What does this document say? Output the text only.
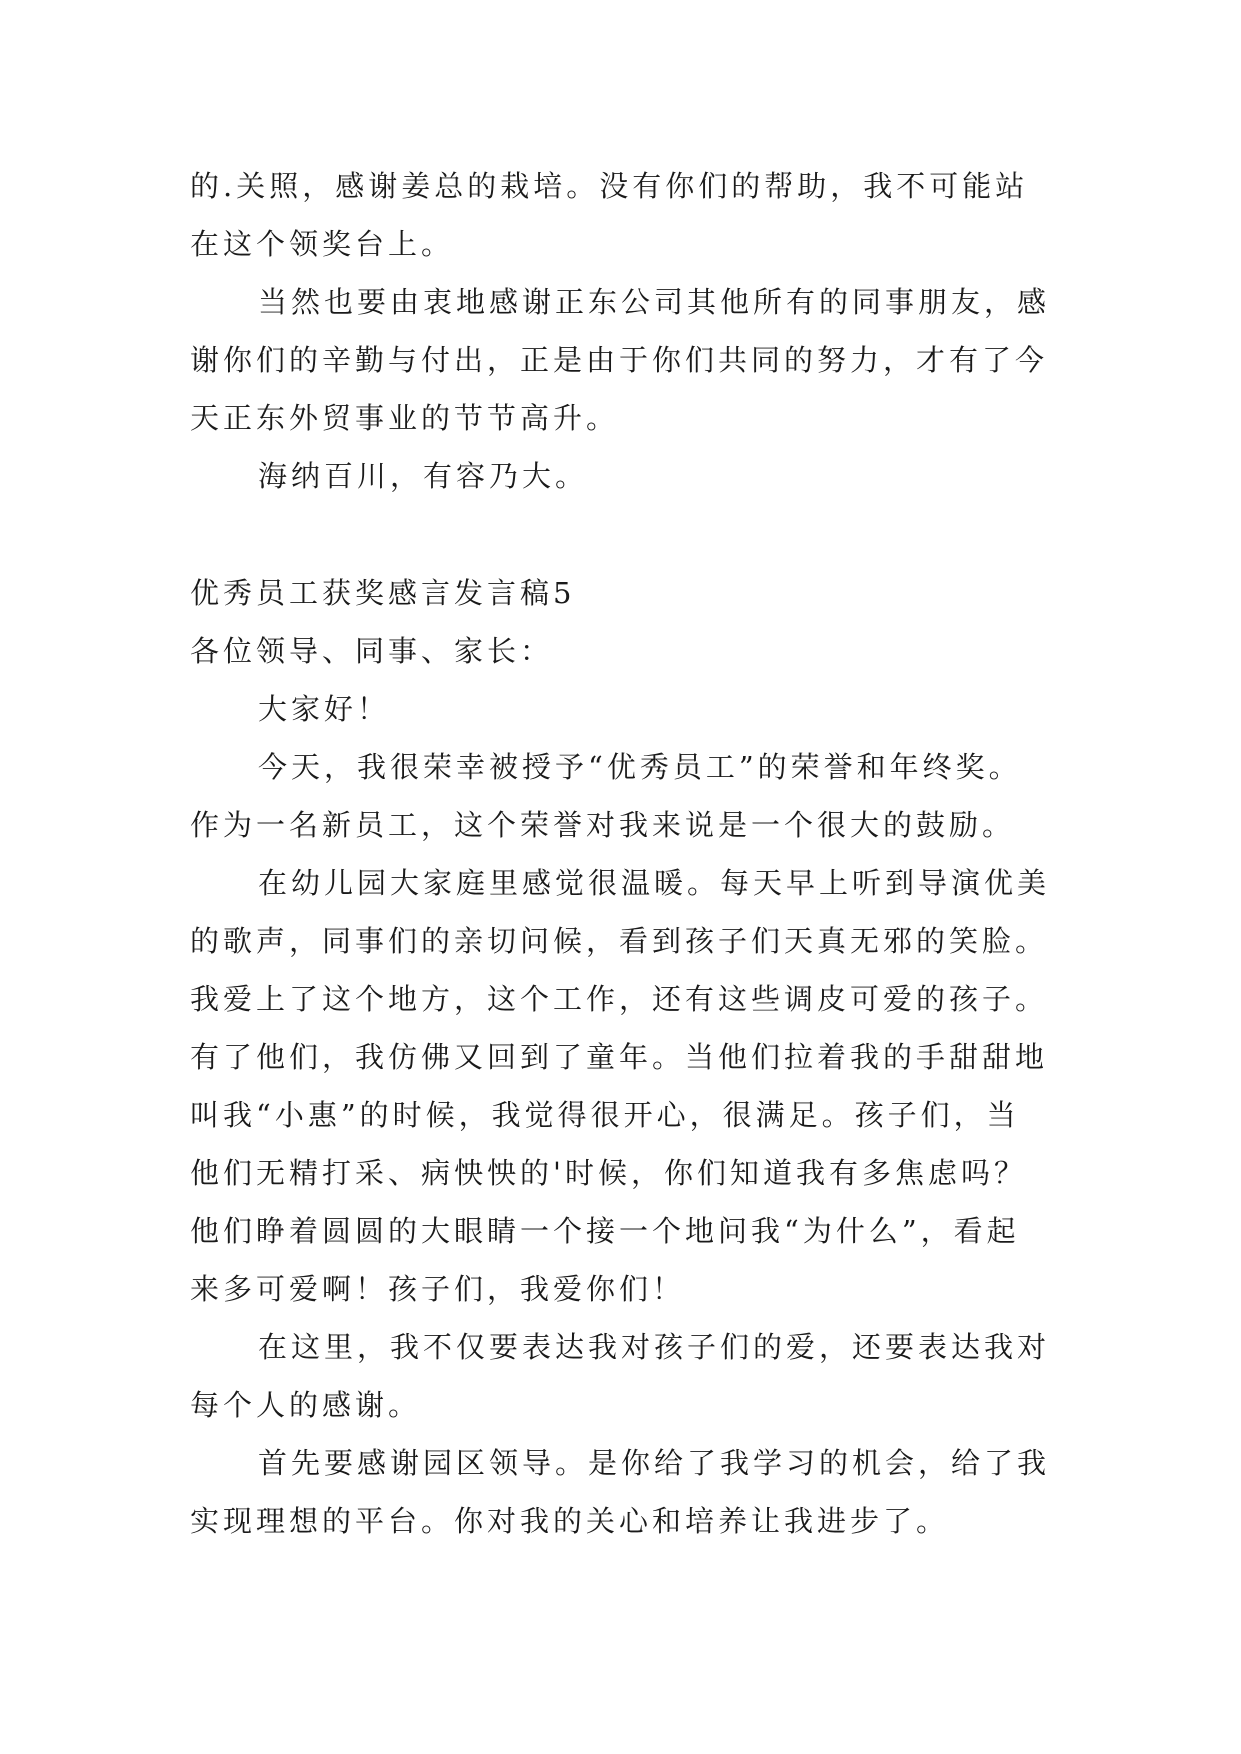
的.关照，感谢姜总的栽培。没有你们的帮助，我不可能站
在这个领奖台上。
当然也要由衷地感谢正东公司其他所有的同事朋友，感
谢你们的辛勤与付出，正是由于你们共同的努力，才有了今
天正东外贸事业的节节高升。
海纳百川，有容乃大。
优秀员工获奖感言发言稿5
各位领导、同事、家长：
大家好！
今天，我很荣幸被授予“优秀员工”的荣誉和年终奖。
作为一名新员工，这个荣誉对我来说是一个很大的鼓励。
在幼儿园大家庭里感觉很温暖。每天早上听到导演优美
的歌声，同事们的亲切问候，看到孩子们天真无邪的笑脸。
我爱上了这个地方，这个工作，还有这些调皮可爱的孩子。
有了他们，我仿佛又回到了童年。当他们拉着我的手甜甜地
叫我“小惠”的时候，我觉得很开心，很满足。孩子们，当
他们无精打采、病怏怏的'时候，你们知道我有多焦虑吗？
他们睁着圆圆的大眼睛一个接一个地问我“为什么”，看起
来多可爱啊！孩子们，我爱你们！
在这里，我不仅要表达我对孩子们的爱，还要表达我对
每个人的感谢。
首先要感谢园区领导。是你给了我学习的机会，给了我
实现理想的平台。你对我的关心和培养让我进步了。
